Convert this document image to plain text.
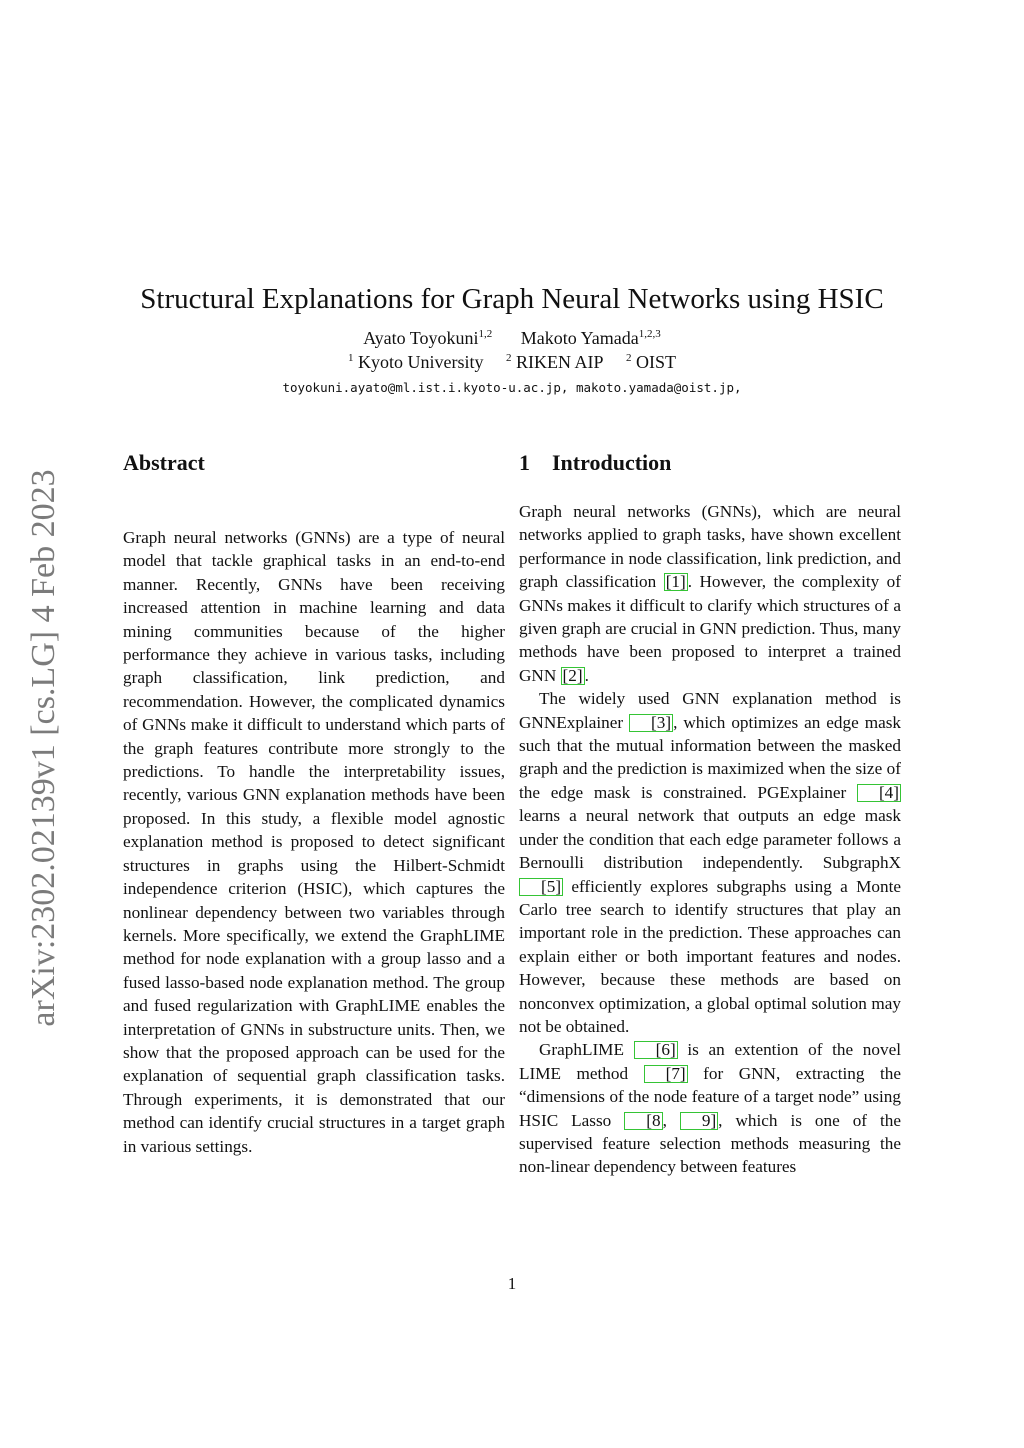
arXiv:2302.02139v1 [cs.LG] 4 Feb 2023
Structural Explanations for Graph Neural Networks using HSIC
Ayato Toyokuni$^{1,2}$ Makoto Yamada$^{1,2,3}$
$^1$ Kyoto University $^2$ RIKEN AIP $^2$ OIST
toyokuni.ayato@ml.ist.i.kyoto-u.ac.jp, makoto.yamada@oist.jp,
Abstract

Graph neural networks (GNNs) are a type of neural model that tackle graphical tasks in an end-to-end manner. Recently, GNNs have been receiving increased attention in machine learning and data mining communities because of the higher performance they achieve in various tasks, including graph classification, link prediction, and recommendation. However, the complicated dynamics of GNNs make it difficult to understand which parts of the graph features contribute more strongly to the predictions. To handle the interpretability issues, recently, various GNN explanation methods have been proposed. In this study, a flexible model agnostic explanation method is proposed to detect significant structures in graphs using the Hilbert-Schmidt independence criterion (HSIC), which captures the nonlinear dependency between two variables through kernels. More specifically, we extend the GraphLIME method for node explanation with a group lasso and a fused lasso-based node explanation method. The group and fused regularization with GraphLIME enables the interpretation of GNNs in substructure units. Then, we show that the proposed approach can be used for the explanation of sequential graph classification tasks. Through experiments, it is demonstrated that our method can identify crucial structures in a target graph in various settings.

1    Introduction

Graph neural networks (GNNs), which are neural networks applied to graph tasks, have shown excellent performance in node classification, link prediction, and graph classification [1] . However, the complexity of GNNs makes it difficult to clarify which structures of a given graph are crucial in GNN prediction. Thus, many methods have been proposed to interpret a trained GNN [2] .

The widely used GNN explanation method is GNNExplainer [3] , which optimizes an edge mask such that the mutual information between the masked graph and the prediction is maximized when the size of the edge mask is constrained. PGExplainer [4] learns a neural network that outputs an edge mask under the condition that each edge parameter follows a Bernoulli distribution independently. SubgraphX [5] efficiently explores subgraphs using a Monte Carlo tree search to identify structures that play an important role in the prediction. These approaches can explain either or both important features and nodes. However, because these methods are based on nonconvex optimization, a global optimal solution may not be obtained.

GraphLIME [6] is an extention of the novel LIME method [7] for GNN, extracting the “dimensions of the node feature of a target node” using HSIC Lasso [8 , 9] , which is one of the supervised feature selection methods measuring the non-linear dependency between features

1
